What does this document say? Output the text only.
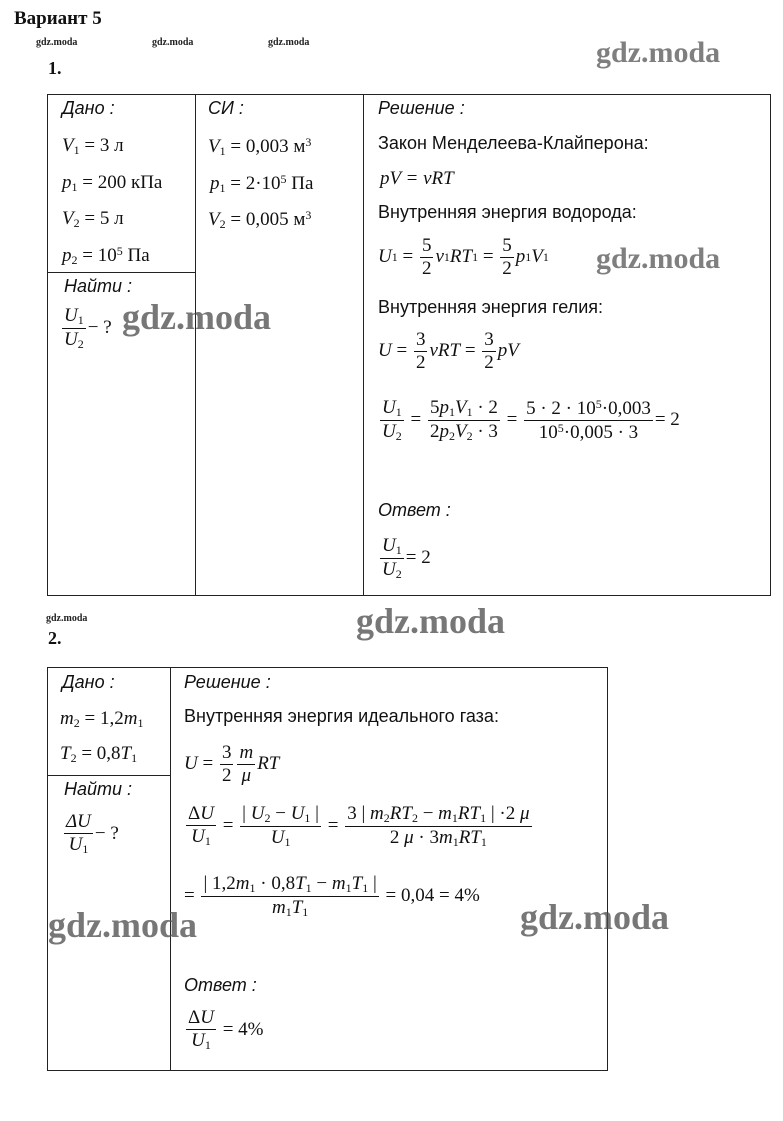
Вариант 5
gdz.moda	gdz.moda	gdz.moda	gdz.moda
1.
Дано :
$V_1 = 3$ л
$p_1 = 200$ кПа
$V_2 = 5$ л
$p_2 = 10^5$ Па
Найти :
$\frac{U_1}{U_2}$ − ? gdz.moda
СИ :
$V_1 = 0,003$ $м^3$
$p_1 = 2\cdot 10^5$ Па
$V_2 = 0,005$ $м^3$
Решение :
Закон Менделеева-Клайперона:
pV = νRT
Внутренняя энергия водорода:
U $1 = \frac{5}{2}$ ν 1 RT $1 = \frac{5}{2}$ p 1 V 1 gdz.moda
Внутренняя энергия гелия:
$U = \frac{3}{2}$ $\nu RT = \frac{3}{2}$ pV
$\frac{U_1}{U_2} = \frac{5p_1V_1 \cdot 2}{2p_2V_2 \cdot 3} = \frac{5 \cdot 2 \cdot 10^5\cdot 0,003}{10^5\cdot 0,005 \cdot 3} = 2$
Ответ :
$\frac{U_1}{U_2} = 2$
gdz.moda
2.	gdz.moda
Дано :
$m_2 = 1,2m_1$
$T_2 = 0,8T_1$
Найти :
$\frac{\Delta U}{U_1}$ − ?
gdz.moda
Решение :
Внутренняя энергия идеального газа:
$U = \frac{3}{2} \frac{m}{\mu}$ RT
$\frac{\Delta U}{U_1} = \frac{| U_2 - U_1 |}{U_1} = \frac{3 | m_2RT_2 - m_1RT_1 | \cdot 2 \mu}{2 \mu \cdot 3m_1RT_1}$
= $\frac{| 1,2m_1 \cdot 0,8T_1 - m_1T_1 |}{m_1T_1}$
= 0,04 = 4%
gdz.moda
Ответ :
$\frac{\Delta U}{U_1}$
= 4%
